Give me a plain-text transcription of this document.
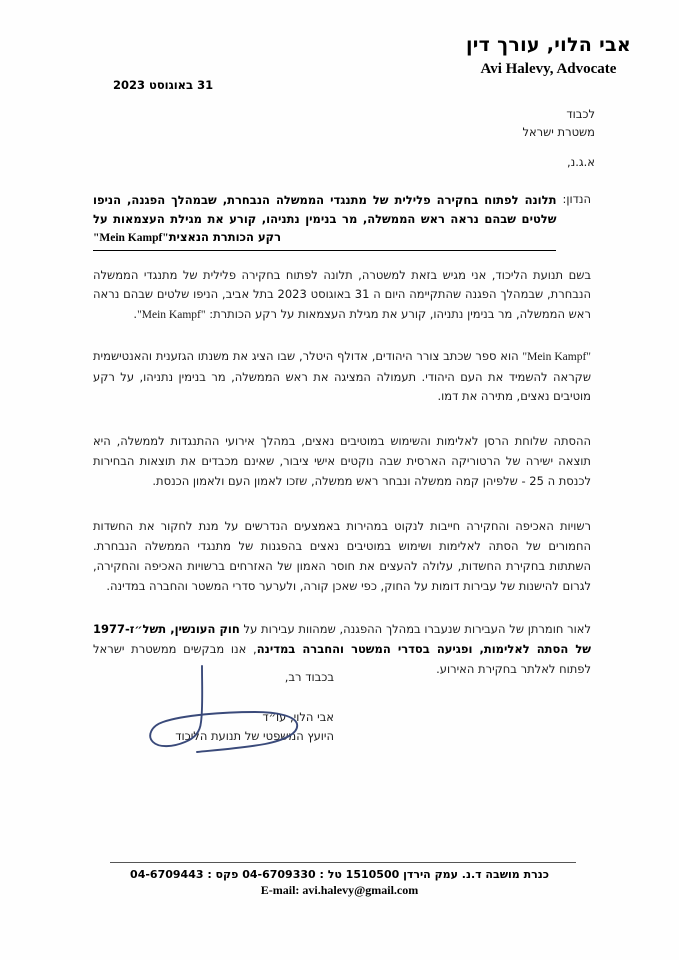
אבי הלוי, עורך דין
Avi Halevy, Advocate
31 באוגוסט 2023
לכבוד
משטרת ישראל
א.ג.נ,
הנדון:
תלונה לפתוח בחקירה פלילית של מתנגדי הממשלה הנבחרת, שבמהלך הפגנה, הניפו שלטים שבהם נראה ראש הממשלה, מר בנימין נתניהו, קורע את מגילת העצמאות על רקע הכותרת הנאצית"Mein Kampf"

בשם תנועת הליכוד, אני מגיש בזאת למשטרה, תלונה לפתוח בחקירה פלילית של מתנגדי הממשלה הנבחרת, שבמהלך הפגנה שהתקיימה היום ה 31 באוגוסט 2023 בתל אביב, הניפו שלטים שבהם נראה ראש הממשלה, מר בנימין נתניהו, קורע את מגילת העצמאות על רקע הכותרת: "Mein Kampf".

"Mein Kampf" הוא ספר שכתב צורר היהודים, אדולף היטלר, שבו הציג את משנתו הגזענית והאנטישמית שקראה להשמיד את העם היהודי. תעמולה המציגה את ראש הממשלה, מר בנימין נתניהו, על רקע מוטיבים נאצים, מתירה את דמו.

ההסתה שלוחת הרסן לאלימות והשימוש במוטיבים נאצים, במהלך אירועי ההתנגדות לממשלה, היא תוצאה ישירה של הרטוריקה הארסית שבה נוקטים אישי ציבור, שאינם מכבדים את תוצאות הבחירות לכנסת ה 25 - שלפיהן קמה ממשלה ונבחר ראש ממשלה, שזכו לאמון העם ולאמון הכנסת.

רשויות האכיפה והחקירה חייבות לנקוט במהירות באמצעים הנדרשים על מנת לחקור את החשדות החמורים של הסתה לאלימות ושימוש במוטיבים נאצים בהפגנות של מתנגדי הממשלה הנבחרת. השתתות בחקירת החשדות, עלולה להעצים את חוסר האמון של האזרחים ברשויות האכיפה והחקירה, לגרום להישנות של עבירות דומות על החוק, כפי שאכן קורה, ולערער סדרי המשטר והחברה במדינה.

לאור חומרתן של העבירות שנעברו במהלך ההפגנה, שמהוות עבירות על חוק העונשין, תשל״ז-1977 של הסתה לאלימות, ופגיעה בסדרי המשטר והחברה במדינה, אנו מבקשים ממשטרת ישראל לפתוח לאלתר בחקירת האירוע.

בכבוד רב,
אבי הלוי, עו״ד
היועץ המשפטי של תנועת הליכוד
כנרת מושבה ד.נ. עמק הירדן 1510500 טל : 04-6709330 פקס : 04-6709443
E-mail: avi.halevy@gmail.com
